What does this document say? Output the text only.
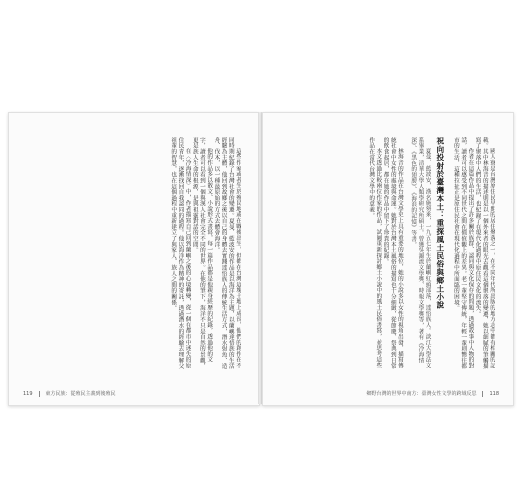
這些作家或者生於殖民地或在戰後出生，但都在台灣這塊土地上成長，他們的創作在不同時期紀錄了台灣社會的變遷。夏曼．藍波安的作品是以海洋為主題，以蘭嶼達悟族的生活經驗為主體，他回到故鄉之後以自己的身體去實踐達悟族人的傳統生活方式，潛水射魚、造舟、伐木，以一種最原始的方式去體會海洋。

他的作品多以散文、小說形式書寫，每一篇作品都是他親身經歷的紀錄，透過他的文字，讀者可以看到一個與漢人社會完全不同的世界。在他的筆下，海洋不只是自然的景觀，更是族人生命的根源，是與祖靈對話的空間。

在〈冷海情深〉中，作者描寫自己回到蘭嶼之後的心境轉變，從一個在都市中迷失的原住民青年，逐漸找回自我認同的過程。他以海洋作為精神的寄託，透過潛水的經驗去理解父祖輩的智慧，也在這個過程中重新建立了與家人、族人之間的關係。

119	東方民族：從殖民主義到後殖民

國人寮是台灣原住民早期的居住聚落之一，在不同年代所出版的地方志中都有相關的記載。其中林海音的描述則是以一個外來者的眼光去觀看這個聚落的變遷，她以細膩的筆觸描寫了聚落中人們的生活，也紀錄了在現代化過程中原住民文化的流失。

作者在這篇作品中提出了許多關於族群、認同與文化保存的問題，透過故事中人物的對話，讀者可以感受到不同世代之間在價值觀上的差異。老一輩堅守傳統，年輕一輩則嚮往都市的生活，這種拉扯正是原住民社會在現代化過程中所面臨的困境。

祝向投射於臺灣本土：重探風土民俗與鄉土小說

夏曼．藍波安，漢名施努來，一九五七年生於蘭嶼紅頭部落，達悟族人。淡江大學法文系畢業，清華大學人類學研究所碩士。曾獲吳濁流文學獎、時報文學獎等，著有《冷海情深》、《黑色的翅膀》、《海浪的記憶》等書。

林海音的作品在台灣文學史上具有重要的地位，她的小說多以女性的視角出發，描寫傳統社會中女性的處境與命運。她對於台灣本土風俗的描寫也十分細緻，從節慶、祭典到日常的飲食起居，都在她的作品中留下了珍貴的紀錄。

本文透過比較兩位作家的作品，試圖重新探討鄉土小說中的風土民俗書寫，並思考這些作品在當代台灣文學中的意義。

鄉野台灣的世界中南方：臺灣女性文學的跨域反思	118
